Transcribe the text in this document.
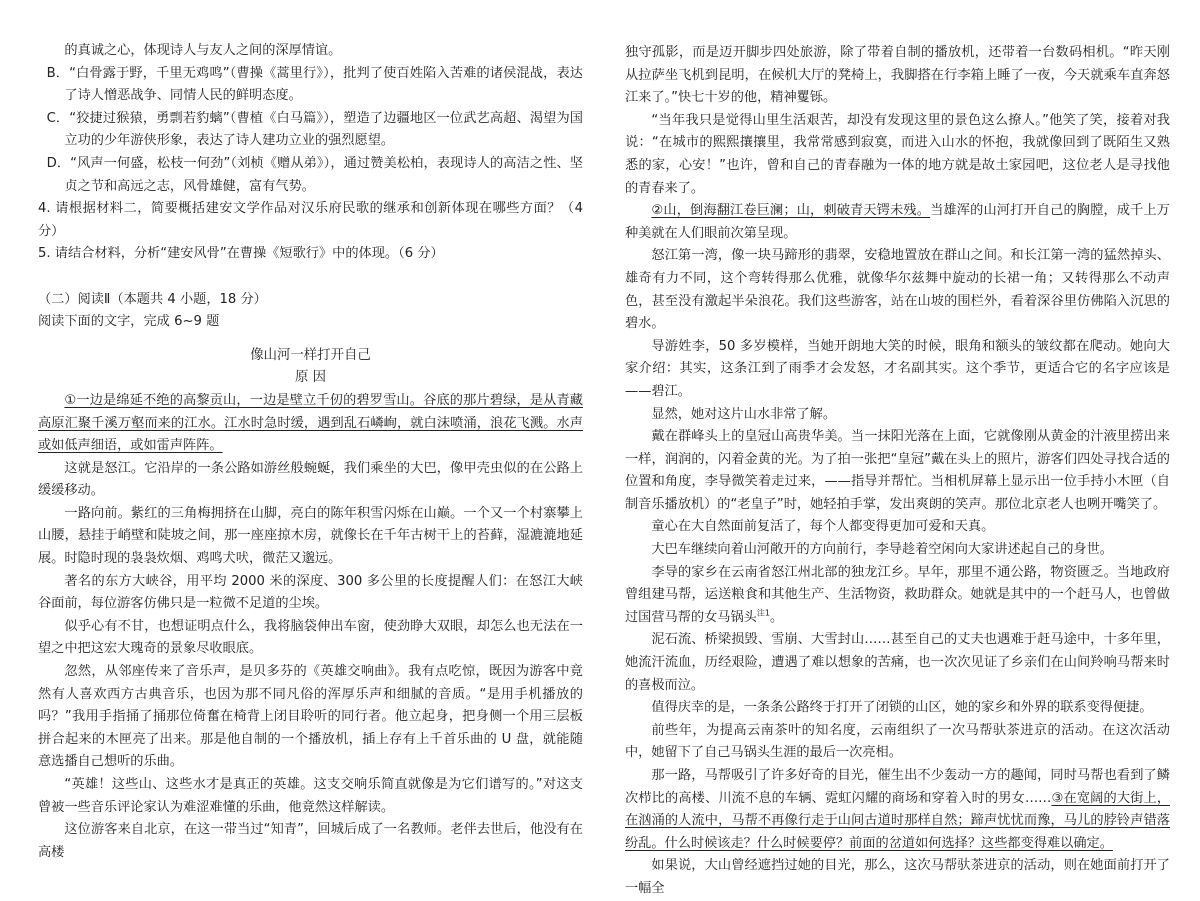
的真诚之心，体现诗人与友人之间的深厚情谊。

B．“白骨露于野，千里无鸡鸣”（曹操《蒿里行》），批判了使百姓陷入苦难的诸侯混战，表达了诗人憎恶战争、同情人民的鲜明态度。

C．“狡捷过猴猿，勇剽若豹螭”（曹植《白马篇》），塑造了边疆地区一位武艺高超、渴望为国立功的少年游侠形象，表达了诗人建功立业的强烈愿望。

D．“风声一何盛，松枝一何劲”（刘桢《赠从弟》），通过赞美松柏，表现诗人的高洁之性、坚贞之节和高远之志，风骨雄健，富有气势。

4. 请根据材料二，简要概括建安文学作品对汉乐府民歌的继承和创新体现在哪些方面？（4 分）

5. 请结合材料，分析“建安风骨”在曹操《短歌行》中的体现。（6 分）

（二）阅读Ⅱ（本题共 4 小题，18 分）

阅读下面的文字，完成 6~9 题

像山河一样打开自己

原 因

①一边是绵延不绝的高黎贡山，一边是壁立千仞的碧罗雪山。谷底的那片碧绿，是从青藏高原汇聚千溪万壑而来的江水。江水时急时缓，遇到乱石嶙峋，就白沫喷涌，浪花飞溅。水声或如低声细语，或如雷声阵阵。

这就是怒江。它沿岸的一条公路如游丝般蜿蜒，我们乘坐的大巴，像甲壳虫似的在公路上缓缓移动。

一路向前。紫红的三角梅拥挤在山脚，亮白的陈年积雪闪烁在山巅。一个又一个村寨攀上山腰，悬挂于峭壁和陡坡之间，那一座座掠木房，就像长在千年古树干上的苔藓，湿漉漉地延展。时隐时现的袅袅炊烟、鸡鸣犬吠，微茫又邈远。

著名的东方大峡谷，用平均 2000 米的深度、300 多公里的长度提醒人们：在怒江大峡谷面前，每位游客仿佛只是一粒微不足道的尘埃。

似乎心有不甘，也想证明点什么，我将脑袋伸出车窗，使劲睁大双眼，却怎么也无法在一望之中把这宏大瑰奇的景象尽收眼底。

忽然，从邻座传来了音乐声，是贝多芬的《英雄交响曲》。我有点吃惊，既因为游客中竟然有人喜欢西方古典音乐，也因为那不同凡俗的浑厚乐声和细腻的音质。“是用手机播放的吗？”我用手指捅了捅那位倚奮在椅背上闭目聆听的同行者。他立起身，把身侧一个用三层板拼合起来的木匣亮了出来。那是他自制的一个播放机，插上存有上千首乐曲的 U 盘，就能随意选播自己想听的乐曲。

“英雄！这些山、这些水才是真正的英雄。这支交响乐简直就像是为它们谱写的。”对这支曾被一些音乐评论家认为难涩难懂的乐曲，他竟然这样解读。

这位游客来自北京，在这一带当过“知青”，回城后成了一名教师。老伴去世后，他没有在高楼

独守孤影，而是迈开脚步四处旅游，除了带着自制的播放机，还带着一台数码相机。“昨天刚从拉萨坐飞机到昆明，在候机大厅的凳椅上，我脚搭在行李箱上睡了一夜，今天就乘车直奔怒江来了。”快七十岁的他，精神矍铄。

“当年我只是觉得山里生活艰苦，却没有发现这里的景色这么撩人。”他笑了笑，接着对我说：“在城市的熙熙攘攘里，我常常感到寂寞，而进入山水的怀抱，我就像回到了既陌生又熟悉的家，心安！”也许，曾和自己的青春融为一体的地方就是故土家园吧，这位老人是寻找他的青春来了。

②山，倒海翻江卷巨澜；山，刺破青天锷未残。当雄浑的山河打开自己的胸膛，成千上万种美就在人们眼前次第呈现。

怒江第一湾，像一块马蹄形的翡翠，安稳地置放在群山之间。和长江第一湾的猛然掉头、雄奇有力不同，这个弯转得那么优雅，就像华尔兹舞中旋动的长裙一角；又转得那么不动声色，甚至没有激起半朵浪花。我们这些游客，站在山坡的围栏外，看着深谷里仿佛陷入沉思的碧水。

导游姓李，50 多岁模样，当她开朗地大笑的时候，眼角和额头的皱纹都在爬动。她向大家介绍：其实，这条江到了雨季才会发怒，才名副其实。这个季节，更适合它的名字应该是——碧江。

显然，她对这片山水非常了解。

戴在群峰头上的皇冠山高贵华美。当一抹阳光落在上面，它就像刚从黄金的汁液里捞出来一样，润润的，闪着金黄的光。为了拍一张把“皇冠”戴在头上的照片，游客们四处寻找合适的位置和角度，李导微笑着走过来，——指导并帮忙。当相机屏幕上显示出一位手持小木匣（自制音乐播放机）的“老皇子”时，她轻拍手掌，发出爽朗的笑声。那位北京老人也咧开嘴笑了。

童心在大自然面前复活了，每个人都变得更加可爱和天真。

大巴车继续向着山河敞开的方向前行，李导趁着空闲向大家讲述起自己的身世。

李导的家乡在云南省怒江州北部的独龙江乡。早年，那里不通公路，物资匮乏。当地政府曾组建马帮，运送粮食和其他生产、生活物资，救助群众。她就是其中的一个赶马人，也曾做过国营马帮的女马锅头$^{注1}$。

泥石流、桥梁损毁、雪崩、大雪封山……甚至自己的丈夫也遇难于赶马途中，十多年里，她流汗流血，历经艰险，遭遇了难以想象的苦痛，也一次次见证了乡亲们在山间羚响马帮来时的喜极而泣。

值得庆幸的是，一条条公路终于打开了闭锁的山区，她的家乡和外界的联系变得便捷。

前些年，为提高云南茶叶的知名度，云南组织了一次马帮驮茶进京的活动。在这次活动中，她留下了自己马锅头生涯的最后一次亮相。

那一路，马帮吸引了许多好奇的目光，催生出不少轰动一方的趣闻，同时马帮也看到了鳞次栉比的高楼、川流不息的车辆、霓虹闪耀的商场和穿着入时的男女……③在宽阔的大街上，在汹涌的人流中，马帮不再像行走于山间古道时那样自然；蹄声忧忧而豫，马儿的脖铃声错落纷乱。什么时候该走？什么时候要停？前面的岔道如何选择？这些都变得难以确定。

如果说，大山曾经遮挡过她的目光，那么，这次马帮驮茶进京的活动，则在她面前打开了一幅全
